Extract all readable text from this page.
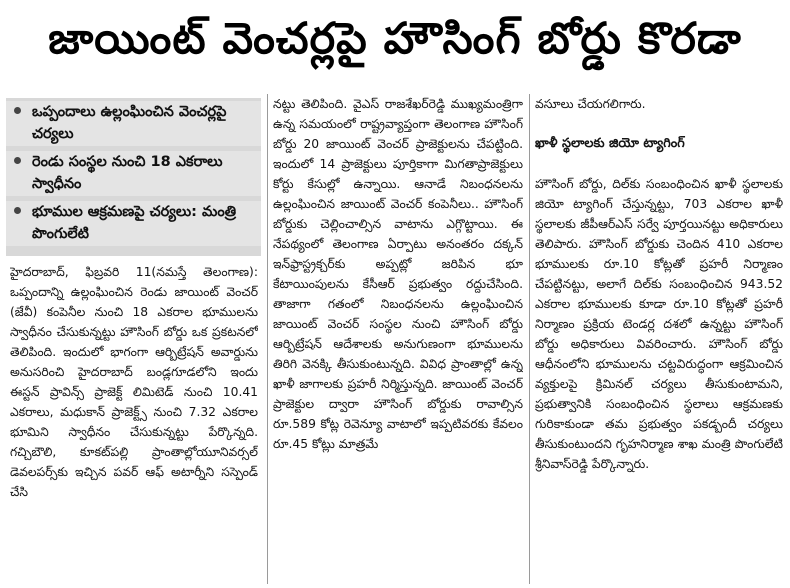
జాయింట్ వెంచర్లపై హౌసింగ్ బోర్డు కొరడా
ఒప్పందాలు ఉల్లంఘించిన వెంచర్లపై చర్యలు
రెండు సంస్థల నుంచి 18 ఎకరాలు స్వాధీనం
భూముల ఆక్రమణపై చర్యలు: మంత్రి పొంగులేటి

హైదరాబాద్, ఫిబ్రవరి 11(నమస్తే తెలంగాణ): ఒప్పందాన్ని ఉల్లంఘించిన రెండు జాయింట్ వెంచర్ (జేవీ) కంపెనీల నుంచి 18 ఎకరాల భూములను స్వాధీనం చేసుకున్నట్టు హౌసింగ్ బోర్డు ఒక ప్రకటనలో తెలిపింది. ఇందులో భాగంగా ఆర్బిట్రేషన్ అవార్డును అనుసరించి హైదరాబాద్ బండ్లగూడలోని ఇందు ఈస్టన్ ప్రావిన్స్ ప్రాజెక్ట్ లిమిటెడ్ నుంచి 10.41 ఎకరాలు, మధుకాన్ ప్రాజెక్ట్స్ నుంచి 7.32 ఎకరాల భూమిని స్వాధీనం చేసుకున్నట్టు పేర్కొన్నది. గచ్చిబౌలి, కూకట్‌పల్లి ప్రాంతాల్లోయూనివర్సల్ డెవలపర్స్‌కు ఇచ్చిన పవర్ ఆఫ్ అటార్నీని సస్పెండ్ చేసి

నట్టు తెలిపింది. వైఎస్ రాజశేఖర్‌రెడ్డి ముఖ్యమంత్రిగా ఉన్న సమయంలో రాష్ట్రవ్యాప్తంగా తెలంగాణ హౌసింగ్ బోర్డు 20 జాయింట్ వెంచర్ ప్రాజెక్టులను చేపట్టింది. ఇందులో 14 ప్రాజెక్టులు పూర్తికాగా మిగతాప్రాజెక్టులు కోర్టు కేసుల్లో ఉన్నాయి. ఆనాడే నిబంధనలను ఉల్లంఘించిన జాయింట్ వెంచర్ కంపెనీలు.. హౌసింగ్ బోర్డుకు చెల్లించాల్సిన వాటాను ఎగ్గొట్టాయి. ఈ నేపథ్యంలో తెలంగాణ ఏర్పాటు అనంతరం దక్కన్ ఇన్‌ఫ్రాస్ట్రక్చర్‌కు అప్పట్లో జరిపిన భూ కేటాయింపులను కేసీఆర్ ప్రభుత్వం రద్దుచేసింది. తాజాగా గతంలో నిబంధనలను ఉల్లంఘించిన జాయింట్ వెంచర్ సంస్థల నుంచి హౌసింగ్ బోర్డు ఆర్బిట్రేషన్ ఆదేశాలకు అనుగుణంగా భూములను తిరిగి వెనక్కి తీసుకుంటున్నది. వివిధ ప్రాంతాల్లో ఉన్న ఖాళీ జాగాలకు ప్రహరీ నిర్మిస్తున్నది. జాయింట్ వెంచర్ ప్రాజెక్టుల ద్వారా హౌసింగ్ బోర్డుకు రావాల్సిన రూ.589 కోట్ల రెవెన్యూ వాటాలో ఇప్పటివరకు కేవలం రూ.45 కోట్లు మాత్రమే

వసూలు చేయగలిగారు.

ఖాళీ స్థలాలకు జియో ట్యాగింగ్

హౌసింగ్ బోర్డు, దిల్‌కు సంబంధించిన ఖాళీ స్థలాలకు జియో ట్యాగింగ్ చేస్తున్నట్టు, 703 ఎకరాల ఖాళీ స్థలాలకు జీపీఆర్ఎస్ సర్వే పూర్తయినట్టు అధికారులు తెలిపారు. హౌసింగ్ బోర్డుకు చెందిన 410 ఎకరాల భూములకు రూ.10 కోట్లతో ప్రహరీ నిర్మాణం చేపట్టినట్టు, అలాగే దిల్‌కు సంబంధించిన 943.52 ఎకరాల భూములకు కూడా రూ.10 కోట్లతో ప్రహరీ నిర్మాణం ప్రక్రియ టెండర్ల దశలో ఉన్నట్టు హౌసింగ్ బోర్డు అధికారులు వివరించారు. హౌసింగ్ బోర్డు ఆధీనంలోని భూములను చట్టవిరుద్ధంగా ఆక్రమించిన వ్యక్తులపై క్రిమినల్ చర్యలు తీసుకుంటామని, ప్రభుత్వానికి సంబంధించిన స్థలాలు ఆక్రమణకు గురికాకుండా తమ ప్రభుత్వం పకడ్బందీ చర్యలు తీసుకుంటుందని గృహనిర్మాణ శాఖ మంత్రి పొంగులేటి శ్రీనివాస్‌రెడ్డి పేర్కొన్నారు.
